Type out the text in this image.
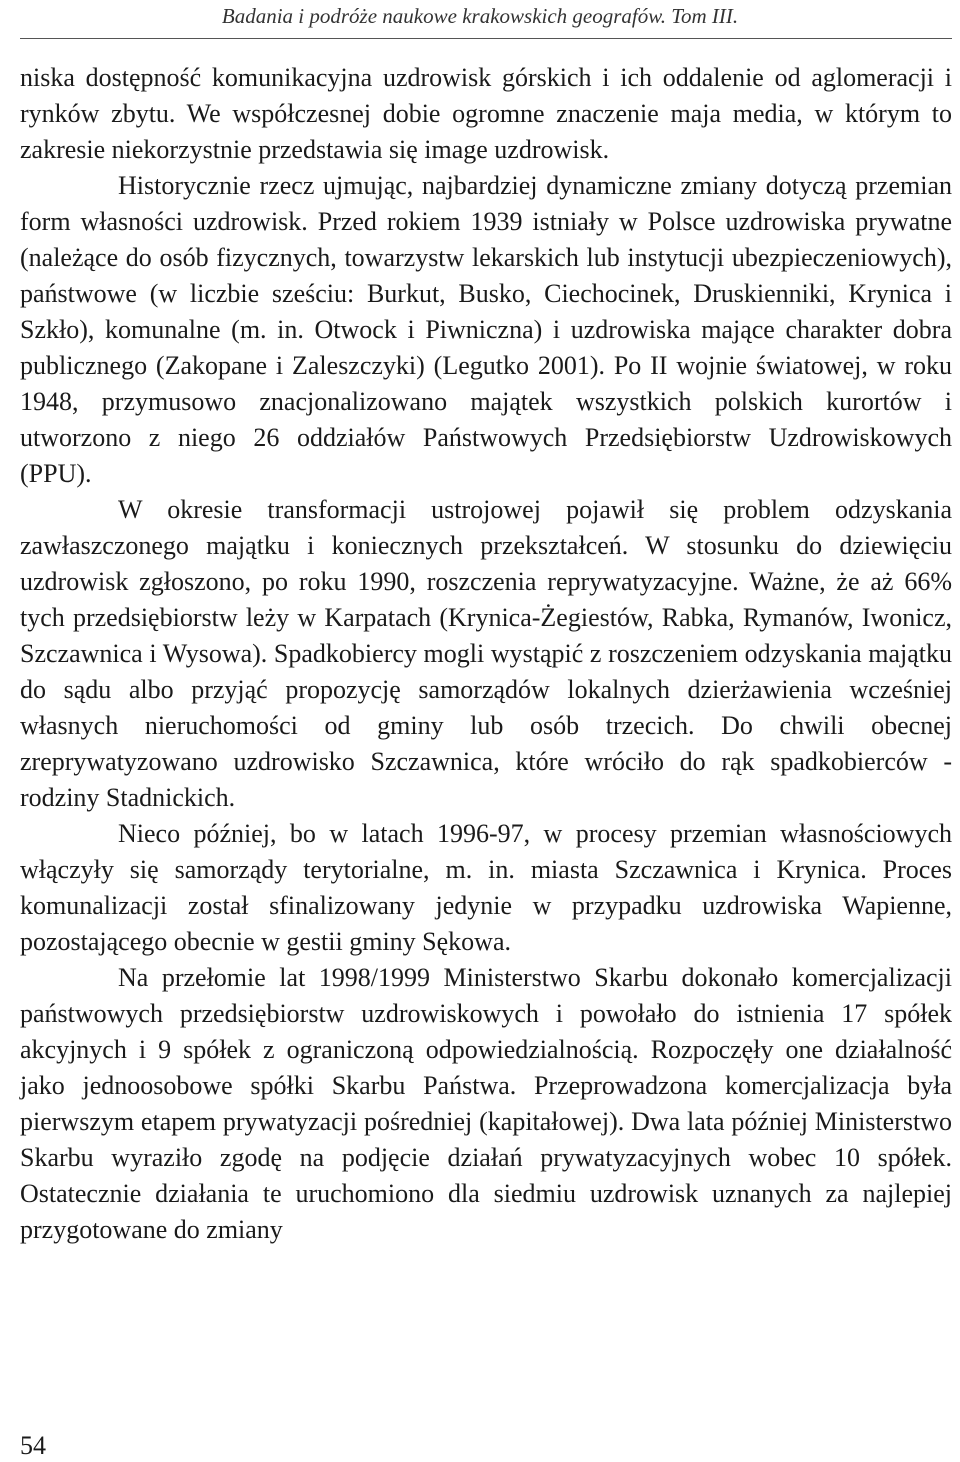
Badania i podróże naukowe krakowskich geografów. Tom III.

niska dostępność komunikacyjna uzdrowisk górskich i ich oddalenie od aglomeracji i rynków zbytu. We współczesnej dobie ogromne znaczenie maja media, w którym to zakresie niekorzystnie przedstawia się image uzdrowisk.

Historycznie rzecz ujmując, najbardziej dynamiczne zmiany dotyczą przemian form własności uzdrowisk. Przed rokiem 1939 istniały w Polsce uzdrowiska prywatne (należące do osób fizycznych, towarzystw lekarskich lub instytucji ubezpieczeniowych), państwowe (w liczbie sześciu: Burkut, Busko, Ciechocinek, Druskienniki, Krynica i Szkło), komunalne (m. in. Otwock i Piwniczna) i uzdrowiska mające charakter dobra publicznego (Zakopane i Zaleszczyki) (Legutko 2001). Po II wojnie światowej, w roku 1948, przymusowo znacjonalizowano majątek wszystkich polskich kurortów i utworzono z niego 26 oddziałów Państwowych Przedsiębiorstw Uzdrowiskowych (PPU).

W okresie transformacji ustrojowej pojawił się problem odzyskania zawłaszczonego majątku i koniecznych przekształceń. W stosunku do dziewięciu uzdrowisk zgłoszono, po roku 1990, roszczenia reprywatyzacyjne. Ważne, że aż 66% tych przedsiębiorstw leży w Karpatach (Krynica-Żegiestów, Rabka, Rymanów, Iwonicz, Szczawnica i Wysowa). Spadkobiercy mogli wystąpić z roszczeniem odzyskania majątku do sądu albo przyjąć propozycję samorządów lokalnych dzierżawienia wcześniej własnych nieruchomości od gminy lub osób trzecich. Do chwili obecnej zreprywatyzowano uzdrowisko Szczawnica, które wróciło do rąk spadkobierców - rodziny Stadnickich.

Nieco później, bo w latach 1996-97, w procesy przemian własnościowych włączyły się samorządy terytorialne, m. in. miasta Szczawnica i Krynica. Proces komunalizacji został sfinalizowany jedynie w przypadku uzdrowiska Wapienne, pozostającego obecnie w gestii gminy Sękowa.

Na przełomie lat 1998/1999 Ministerstwo Skarbu dokonało komercjalizacji państwowych przedsiębiorstw uzdrowiskowych i powołało do istnienia 17 spółek akcyjnych i 9 spółek z ograniczoną odpowiedzialnością. Rozpoczęły one działalność jako jednoosobowe spółki Skarbu Państwa. Przeprowadzona komercjalizacja była pierwszym etapem prywatyzacji pośredniej (kapitałowej). Dwa lata później Ministerstwo Skarbu wyraziło zgodę na podjęcie działań prywatyzacyjnych wobec 10 spółek. Ostatecznie działania te uruchomiono dla siedmiu uzdrowisk uznanych za najlepiej przygotowane do zmiany

54
